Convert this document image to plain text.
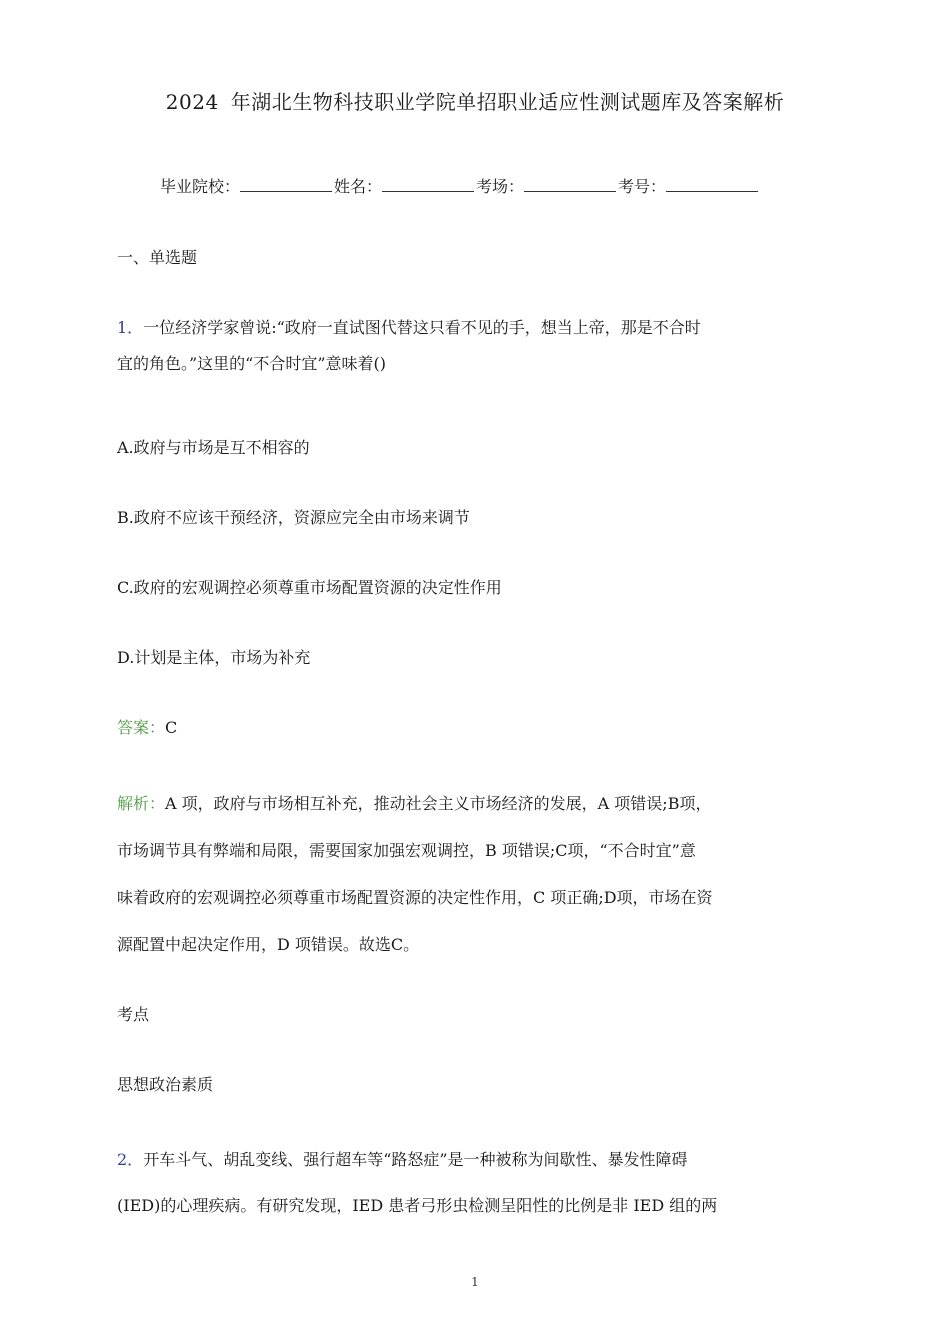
2024 年湖北生物科技职业学院单招职业适应性测试题库及答案解析
毕业院校：	姓名：	考场：	考号：
一、单选题
1．一位经济学家曾说:“政府一直试图代替这只看不见的手，想当上帝，那是不合时
宜的角色。”这里的“不合时宜”意味着()
A.政府与市场是互不相容的
B.政府不应该干预经济，资源应完全由市场来调节
C.政府的宏观调控必须尊重市场配置资源的决定性作用
D.计划是主体，市场为补充
答案：C
解析：A 项，政府与市场相互补充，推动社会主义市场经济的发展，A 项错误;B项，
市场调节具有弊端和局限，需要国家加强宏观调控，B 项错误;C项，“不合时宜”意
味着政府的宏观调控必须尊重市场配置资源的决定性作用，C 项正确;D项，市场在资
源配置中起决定作用，D 项错误。故选C。
考点
思想政治素质
2．开车斗气、胡乱变线、强行超车等“路怒症”是一种被称为间歇性、暴发性障碍
(IED)的心理疾病。有研究发现，IED 患者弓形虫检测呈阳性的比例是非 IED 组的两
1
